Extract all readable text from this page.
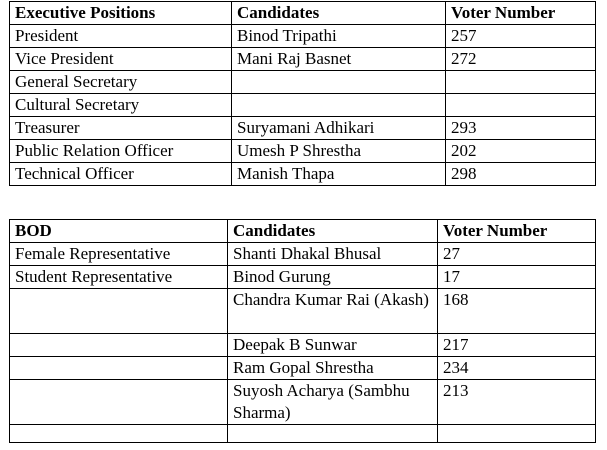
Executive Positions	Candidates	Voter Number
President	Binod Tripathi	257
Vice President	Mani Raj Basnet	272
General Secretary		
Cultural Secretary		
Treasurer	Suryamani Adhikari	293
Public Relation Officer	Umesh P Shrestha	202
Technical Officer	Manish Thapa	298
BOD	Candidates	Voter Number
Female Representative	Shanti Dhakal Bhusal	27
Student Representative	Binod Gurung	17
	Chandra Kumar Rai (Akash)	168
	Deepak B Sunwar	217
	Ram Gopal Shrestha	234
	Suyosh Acharya (Sambhu Sharma)	213
